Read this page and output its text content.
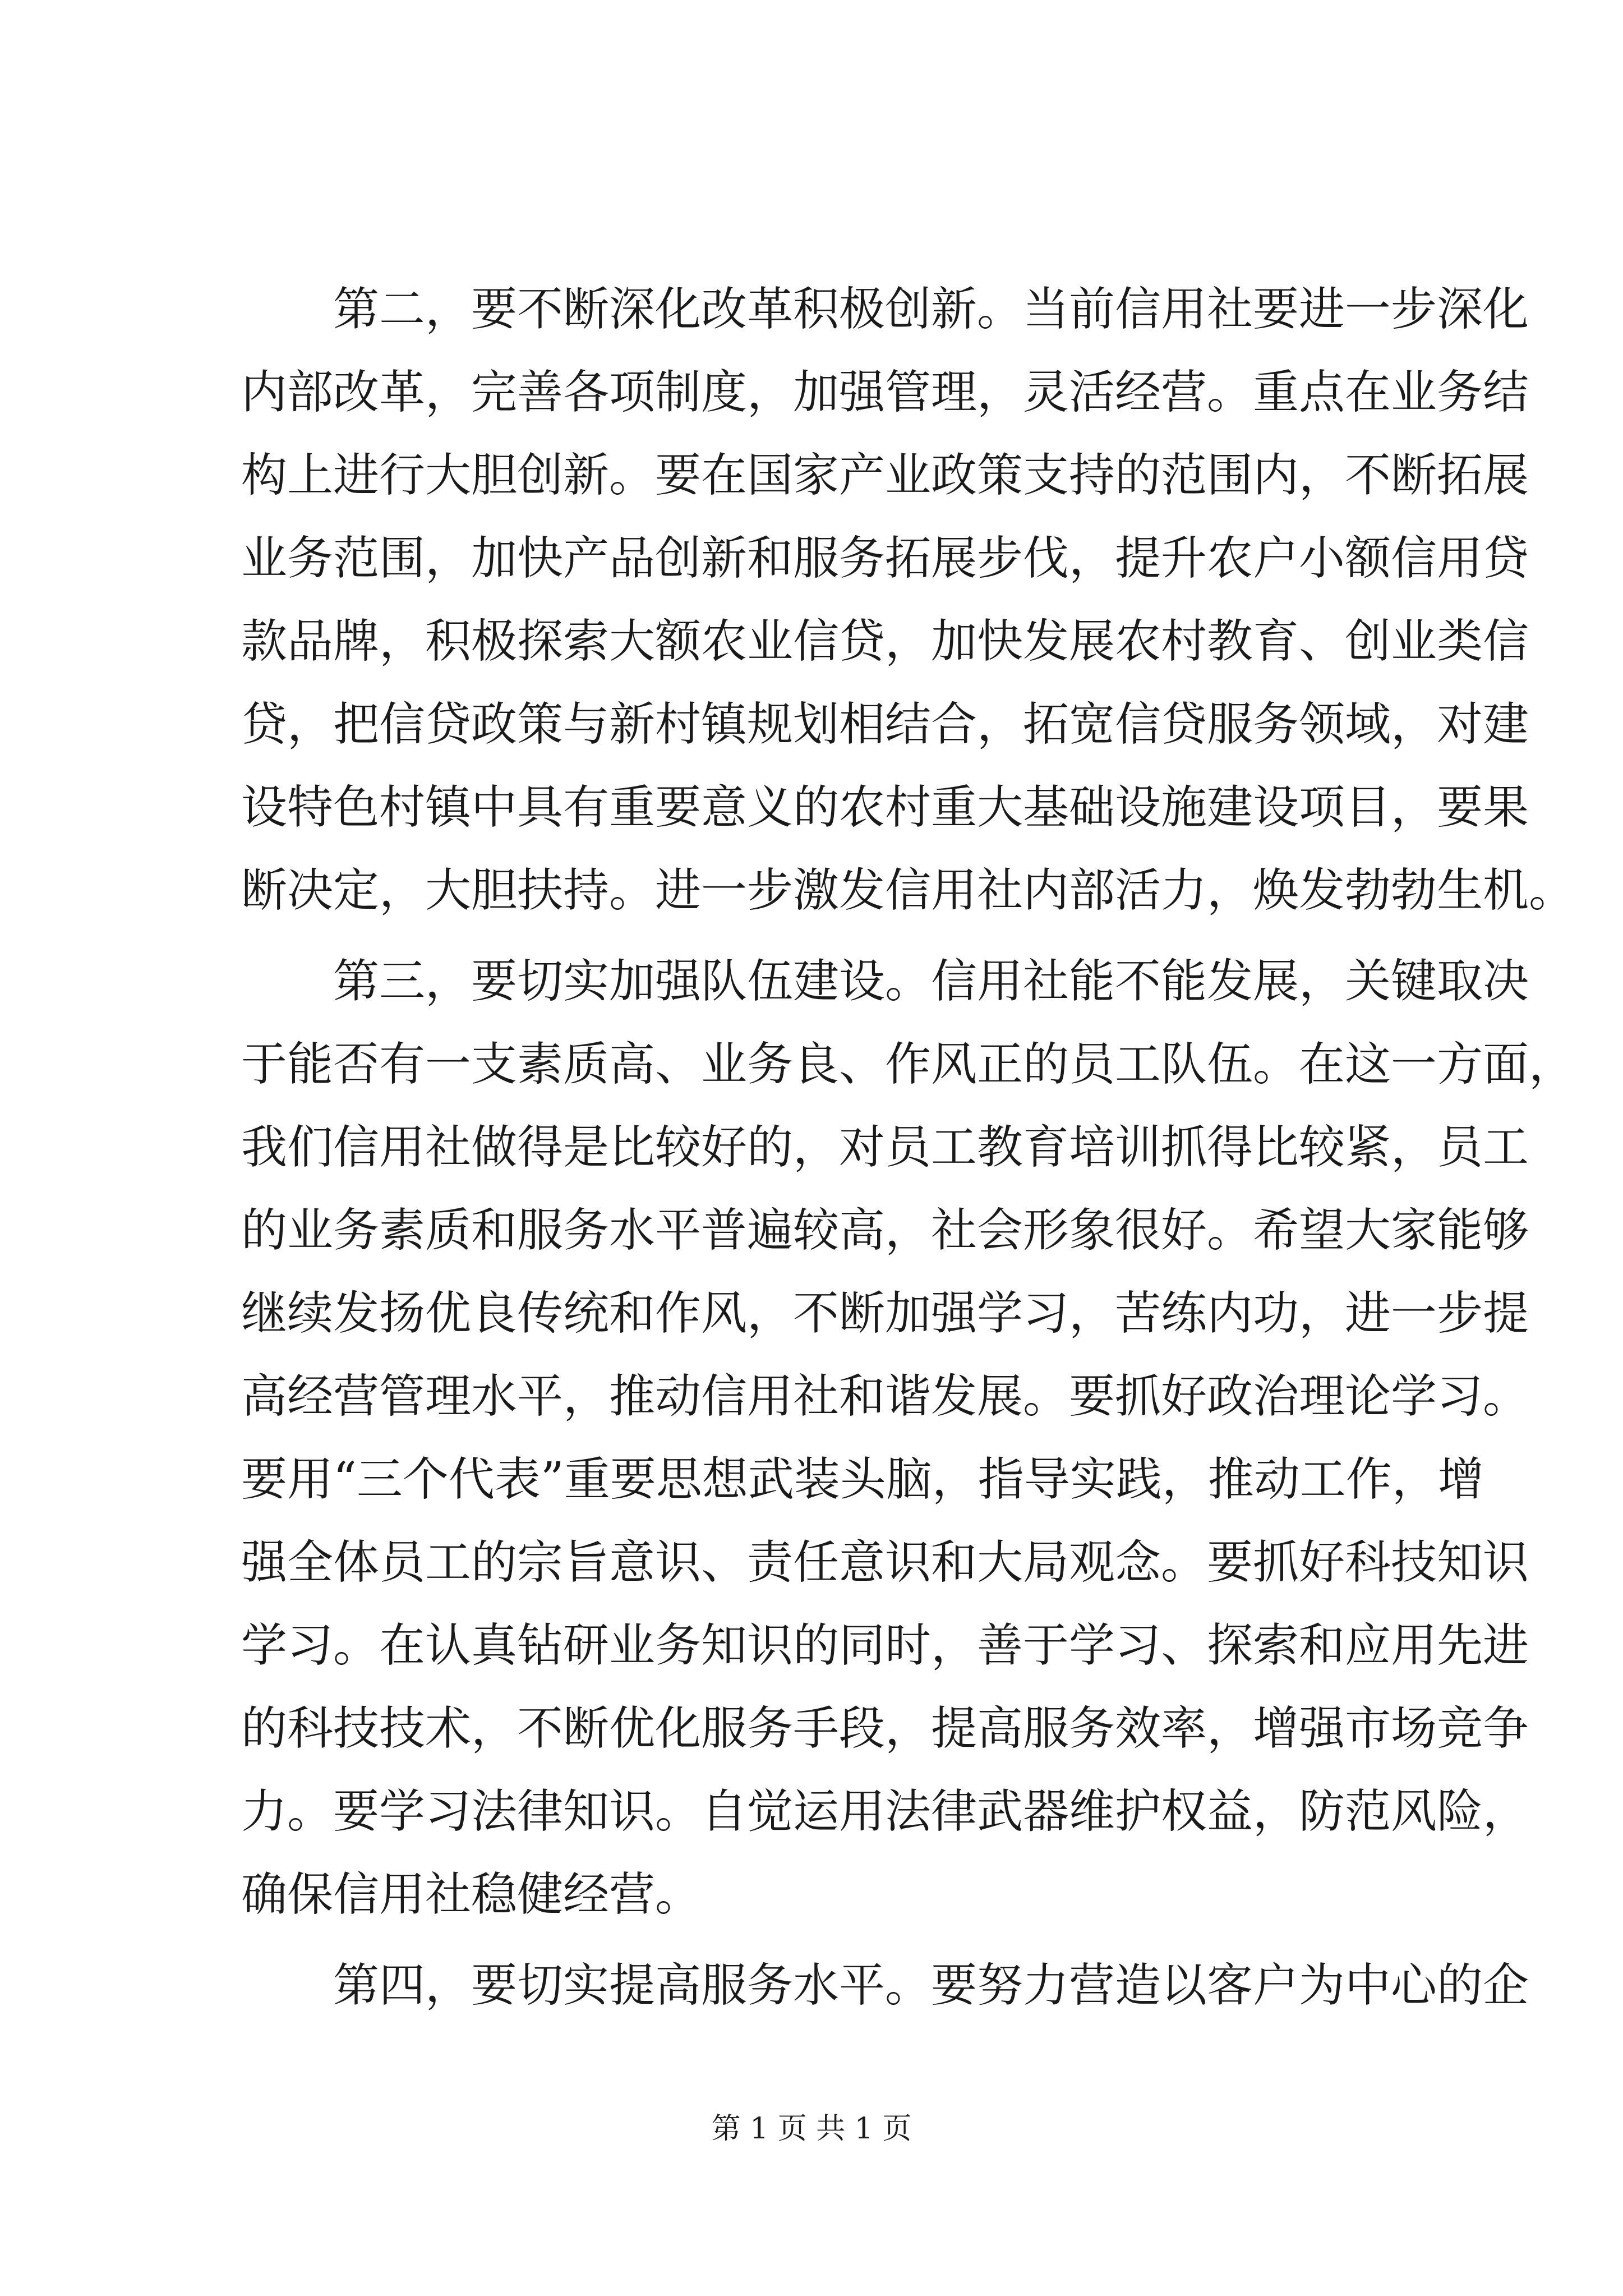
第二，要不断深化改革积极创新。当前信用社要进一步深化
内部改革，完善各项制度，加强管理，灵活经营。重点在业务结
构上进行大胆创新。要在国家产业政策支持的范围内，不断拓展
业务范围，加快产品创新和服务拓展步伐，提升农户小额信用贷
款品牌，积极探索大额农业信贷，加快发展农村教育、创业类信
贷，把信贷政策与新村镇规划相结合，拓宽信贷服务领域，对建
设特色村镇中具有重要意义的农村重大基础设施建设项目，要果
断决定，大胆扶持。进一步激发信用社内部活力，焕发勃勃生机。
第三，要切实加强队伍建设。信用社能不能发展，关键取决
于能否有一支素质高、业务良、作风正的员工队伍。在这一方面，
我们信用社做得是比较好的，对员工教育培训抓得比较紧，员工
的业务素质和服务水平普遍较高，社会形象很好。希望大家能够
继续发扬优良传统和作风，不断加强学习，苦练内功，进一步提
高经营管理水平，推动信用社和谐发展。要抓好政治理论学习。
要用“三个代表”重要思想武装头脑，指导实践，推动工作，增
强全体员工的宗旨意识、责任意识和大局观念。要抓好科技知识
学习。在认真钻研业务知识的同时，善于学习、探索和应用先进
的科技技术，不断优化服务手段，提高服务效率，增强市场竞争
力。要学习法律知识。自觉运用法律武器维护权益，防范风险，
确保信用社稳健经营。
第四，要切实提高服务水平。要努力营造以客户为中心的企
第 1 页 共 1 页
